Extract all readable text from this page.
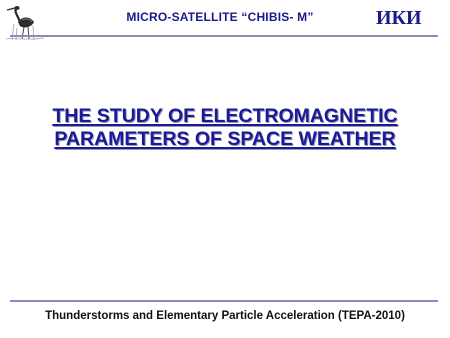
MICRO-SATELLITE “CHIBIS- M”	ИКИ
THE STUDY OF ELECTROMAGNETIC
PARAMETERS OF SPACE WEATHER
Thunderstorms and Elementary Particle Acceleration (TEPA-2010)
